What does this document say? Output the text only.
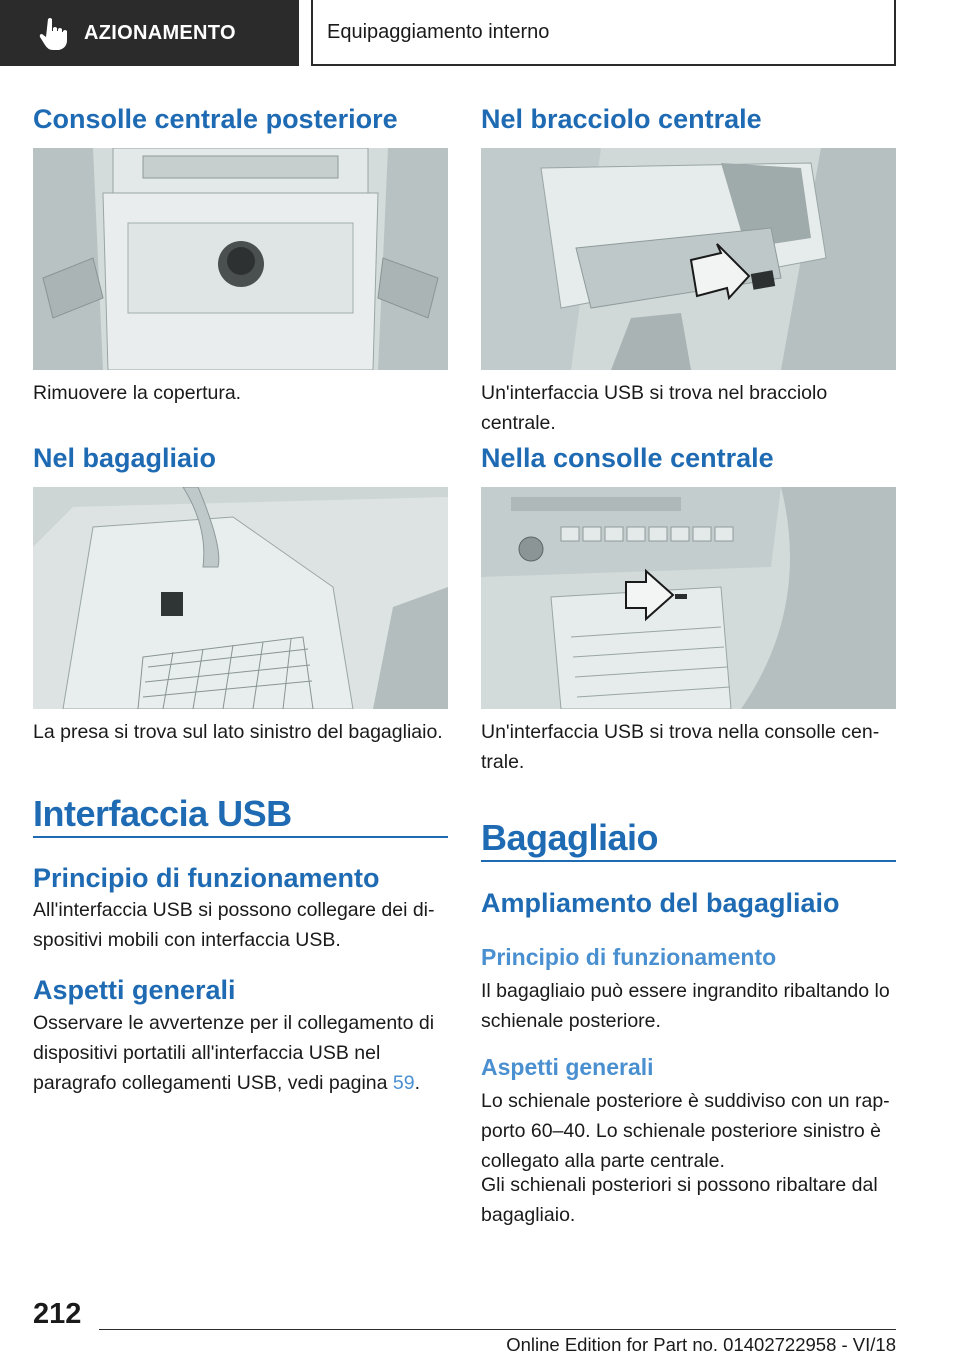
AZIONAMENTO	Equipaggiamento interno
Consolle centrale posteriore
Rimuovere la copertura.
Nel bagagliaio
La presa si trova sul lato sinistro del bagagliaio.
Interfaccia USB
Principio di funzionamento
All'interfaccia USB si possono collegare dei dispositivi mobili con interfaccia USB.
Aspetti generali
Osservare le avvertenze per il collegamento di dispositivi portatili all'interfaccia USB nel paragrafo collegamenti USB, vedi pagina 59.
Nel bracciolo centrale
Un'interfaccia USB si trova nel bracciolo centrale.
Nella consolle centrale
Un'interfaccia USB si trova nella consolle centrale.
Bagagliaio
Ampliamento del bagagliaio
Principio di funzionamento
Il bagagliaio può essere ingrandito ribaltando lo schienale posteriore.
Aspetti generali
Lo schienale posteriore è suddiviso con un rapporto 60–40. Lo schienale posteriore sinistro è collegato alla parte centrale.
Gli schienali posteriori si possono ribaltare dal bagagliaio.
212
Online Edition for Part no. 01402722958 - VI/18
